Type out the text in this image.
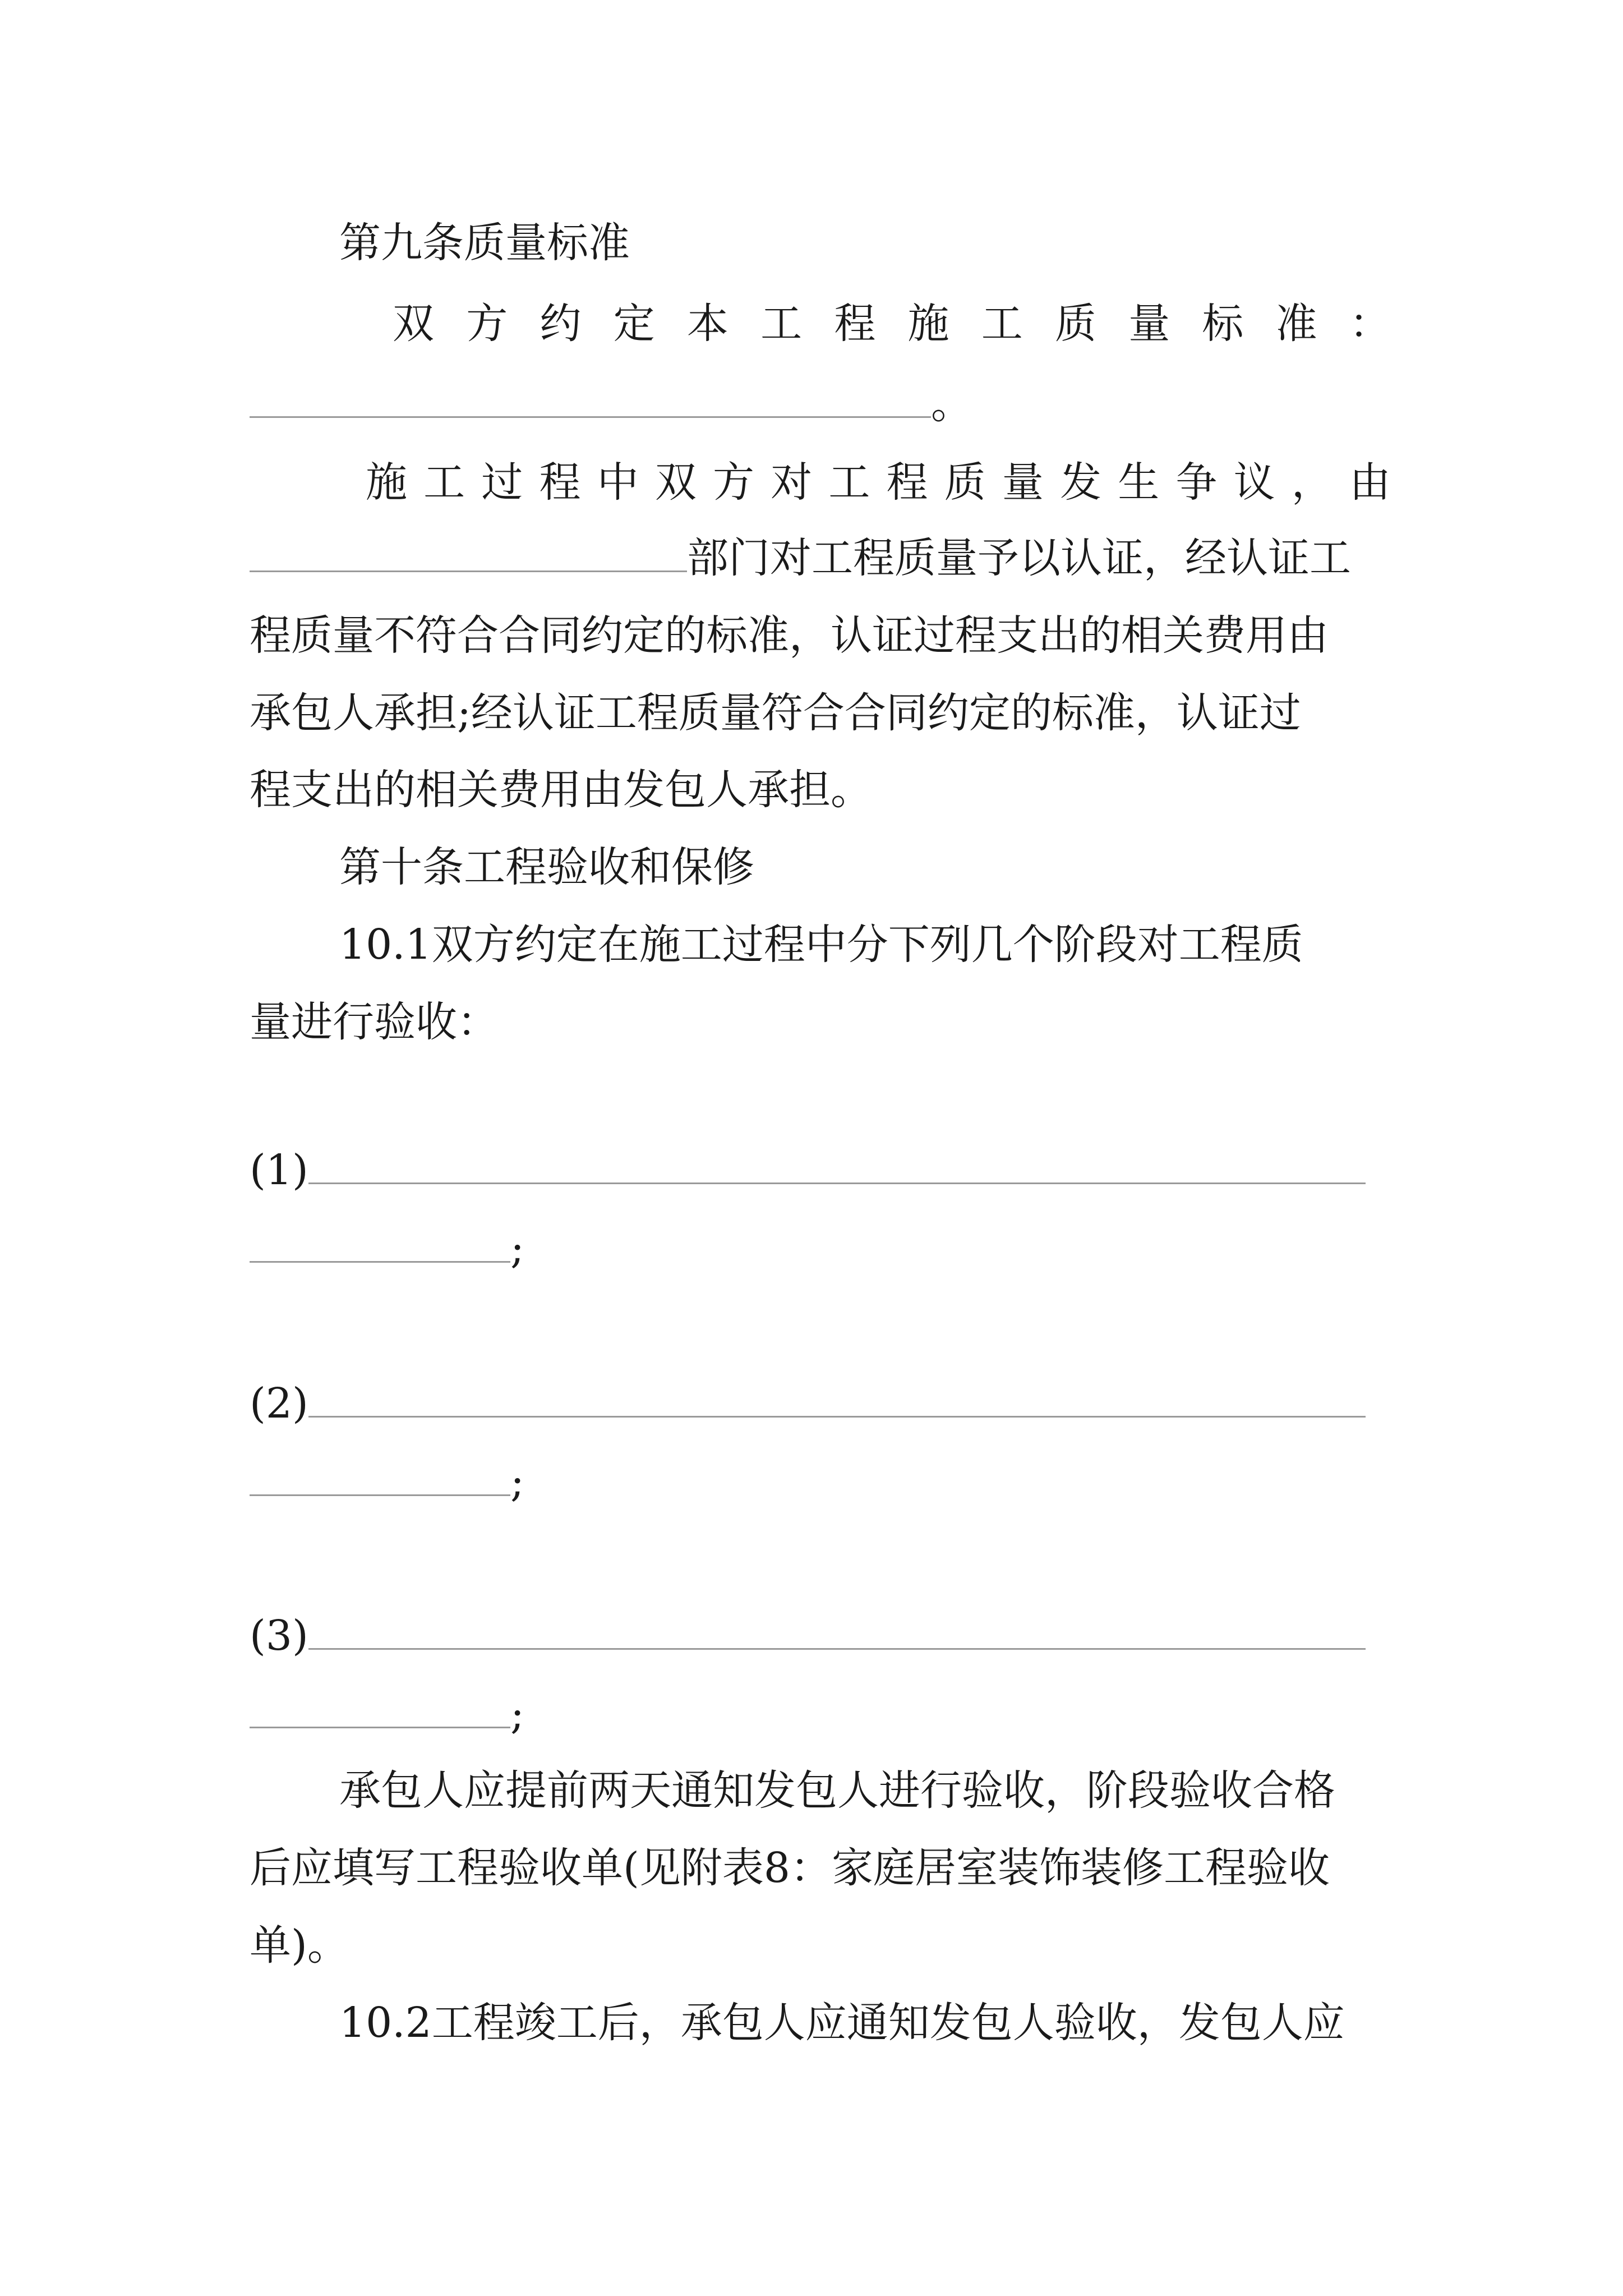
第九条质量标准
双 方 约 定 本 工 程 施 工 质 量 标 准 ：
。
施 工 过 程 中 双 方 对 工 程 质 量 发 生 争 议 ， 由
部门对工程质量予以认证，经认证工
程质量不符合合同约定的标准，认证过程支出的相关费用由
承包人承担;经认证工程质量符合合同约定的标准，认证过
程支出的相关费用由发包人承担。
第十条工程验收和保修
10.1双方约定在施工过程中分下列几个阶段对工程质
量进行验收：
(1)
;
(2)
;
(3)
;
承包人应提前两天通知发包人进行验收，阶段验收合格
后应填写工程验收单(见附表8：家庭居室装饰装修工程验收
单)。
10.2工程竣工后，承包人应通知发包人验收，发包人应
